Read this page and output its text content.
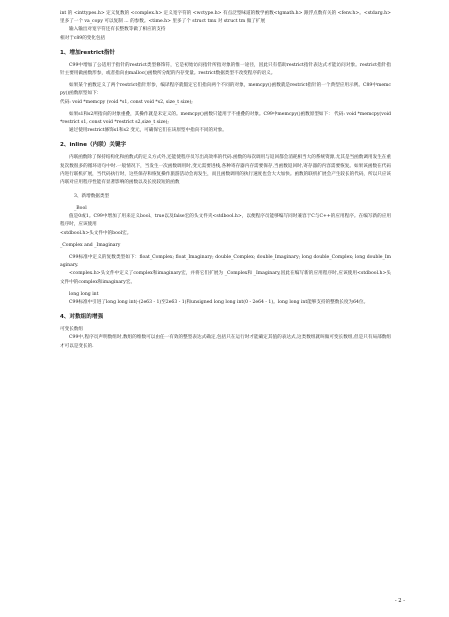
int 的 <inttypes.h> 定义复数的 <complex.h> 定义宽字符的 <wctype.h> 有点泛型味道的数学函数<tgmath.h> 跟浮点数有关的 <fenv.h>。<stdarg.h> 里多了一个 va_copy 可以复制 ... 的参数。<time.h> 里多了个 struct tmx 对 struct tm 做了扩展

输入输出对宽字符还有长整数等做了相应的支持

相对于c89的变化包括

1、增加restrict指针

C99中增加了公适用于指针的restrict类型修饰符，它是初始访问指针所指对象的惟一途径，因此只有借助restrict指针表达式才能访问对象。restrict指针指针主要用做函数形参，或者指向由malloc()函数所分配的内存变量。restrict数据类型不改变程序的语义。

如果某个函数定义了两个restrict指针形参，编译程序就假定它们指向两个不同的对象，memcpy()函数就是restrict指针的一个典型应用示例。C89中memcpy()函数原型如下：

代码: void *memcpy (void *s1, const void *s2, size_t size);

如果s1和s2所指向的对象重叠，其操作就是未定义的。memcpy()函数只能用于不重叠的对象。C99中memcpy()函数原型如下： 代码: void *memcpy(void *restrict s1, const void *restrict s2,size_t size);

通过使用restrict修饰s1和s2 变元，可确保它们在该原型中指向不同的对象。

2、inline（内联）关键字

内联函数除了保持结构化和函数式的定义方式外,还能使程序员写出高效率的代码.函数的每次调用与返回都会消耗相当大的系统资源,尤其是当函数调用发生在重复次数很多的循环语句中时.一般情况下，当发生一次函数调用时,变元需要进栈,各种寄存器内存需要保存,当函数返回时,寄存器的内容需要恢复。如果该函数在代码内进行联机扩展，当代码执行时，这些保存和恢复操作旅游活动会再发生，而且函数调用的执行速度也会大大加快。函数的联机扩展会产生较长的代码，所以只应该内联对应用程序性能有显著影响的函数以及长度较短的函数

3、新增数据类型

_Bool

值是0或1。C99中增加了用来定义bool、true以及false宏的头文件夹<stdbool.h>，以便程序员能够编写同时兼容于C与C++的应用程序。在编写新的应用程序时，应该使用

<stdbool.h>头文件中的bool宏。

_Complex and _Imaginary

C99标准中定义的复数类型如下：float_Complex; float_Imaginary; double_Complex; double_Imaginary; long double_Complex; long double_Imaginary.

<complex.h>头文件中定义了complex和imaginary宏，并将它们扩展为 _Complex和 _Imaginary,因此在编写新的应用程序时,应该使用<stdbool.h>头文件中的complex和imaginary宏。

long long int

C99标准中引进了long long int(-(2e63 - 1)至2e63 - 1)和unsigned long long int(0 - 2e64 - 1)。long long int能够支持的整数长度为64位。

4、对数组的增强

可变长数组

C99中,程序员声明数组时,数组的维数可以由任一有效的整型表达式确定,包括只在运行时才能确定其值的表达式,这类数组就叫做可变长数组,但是只有局部数组才可以是变长的.

- 2 -
